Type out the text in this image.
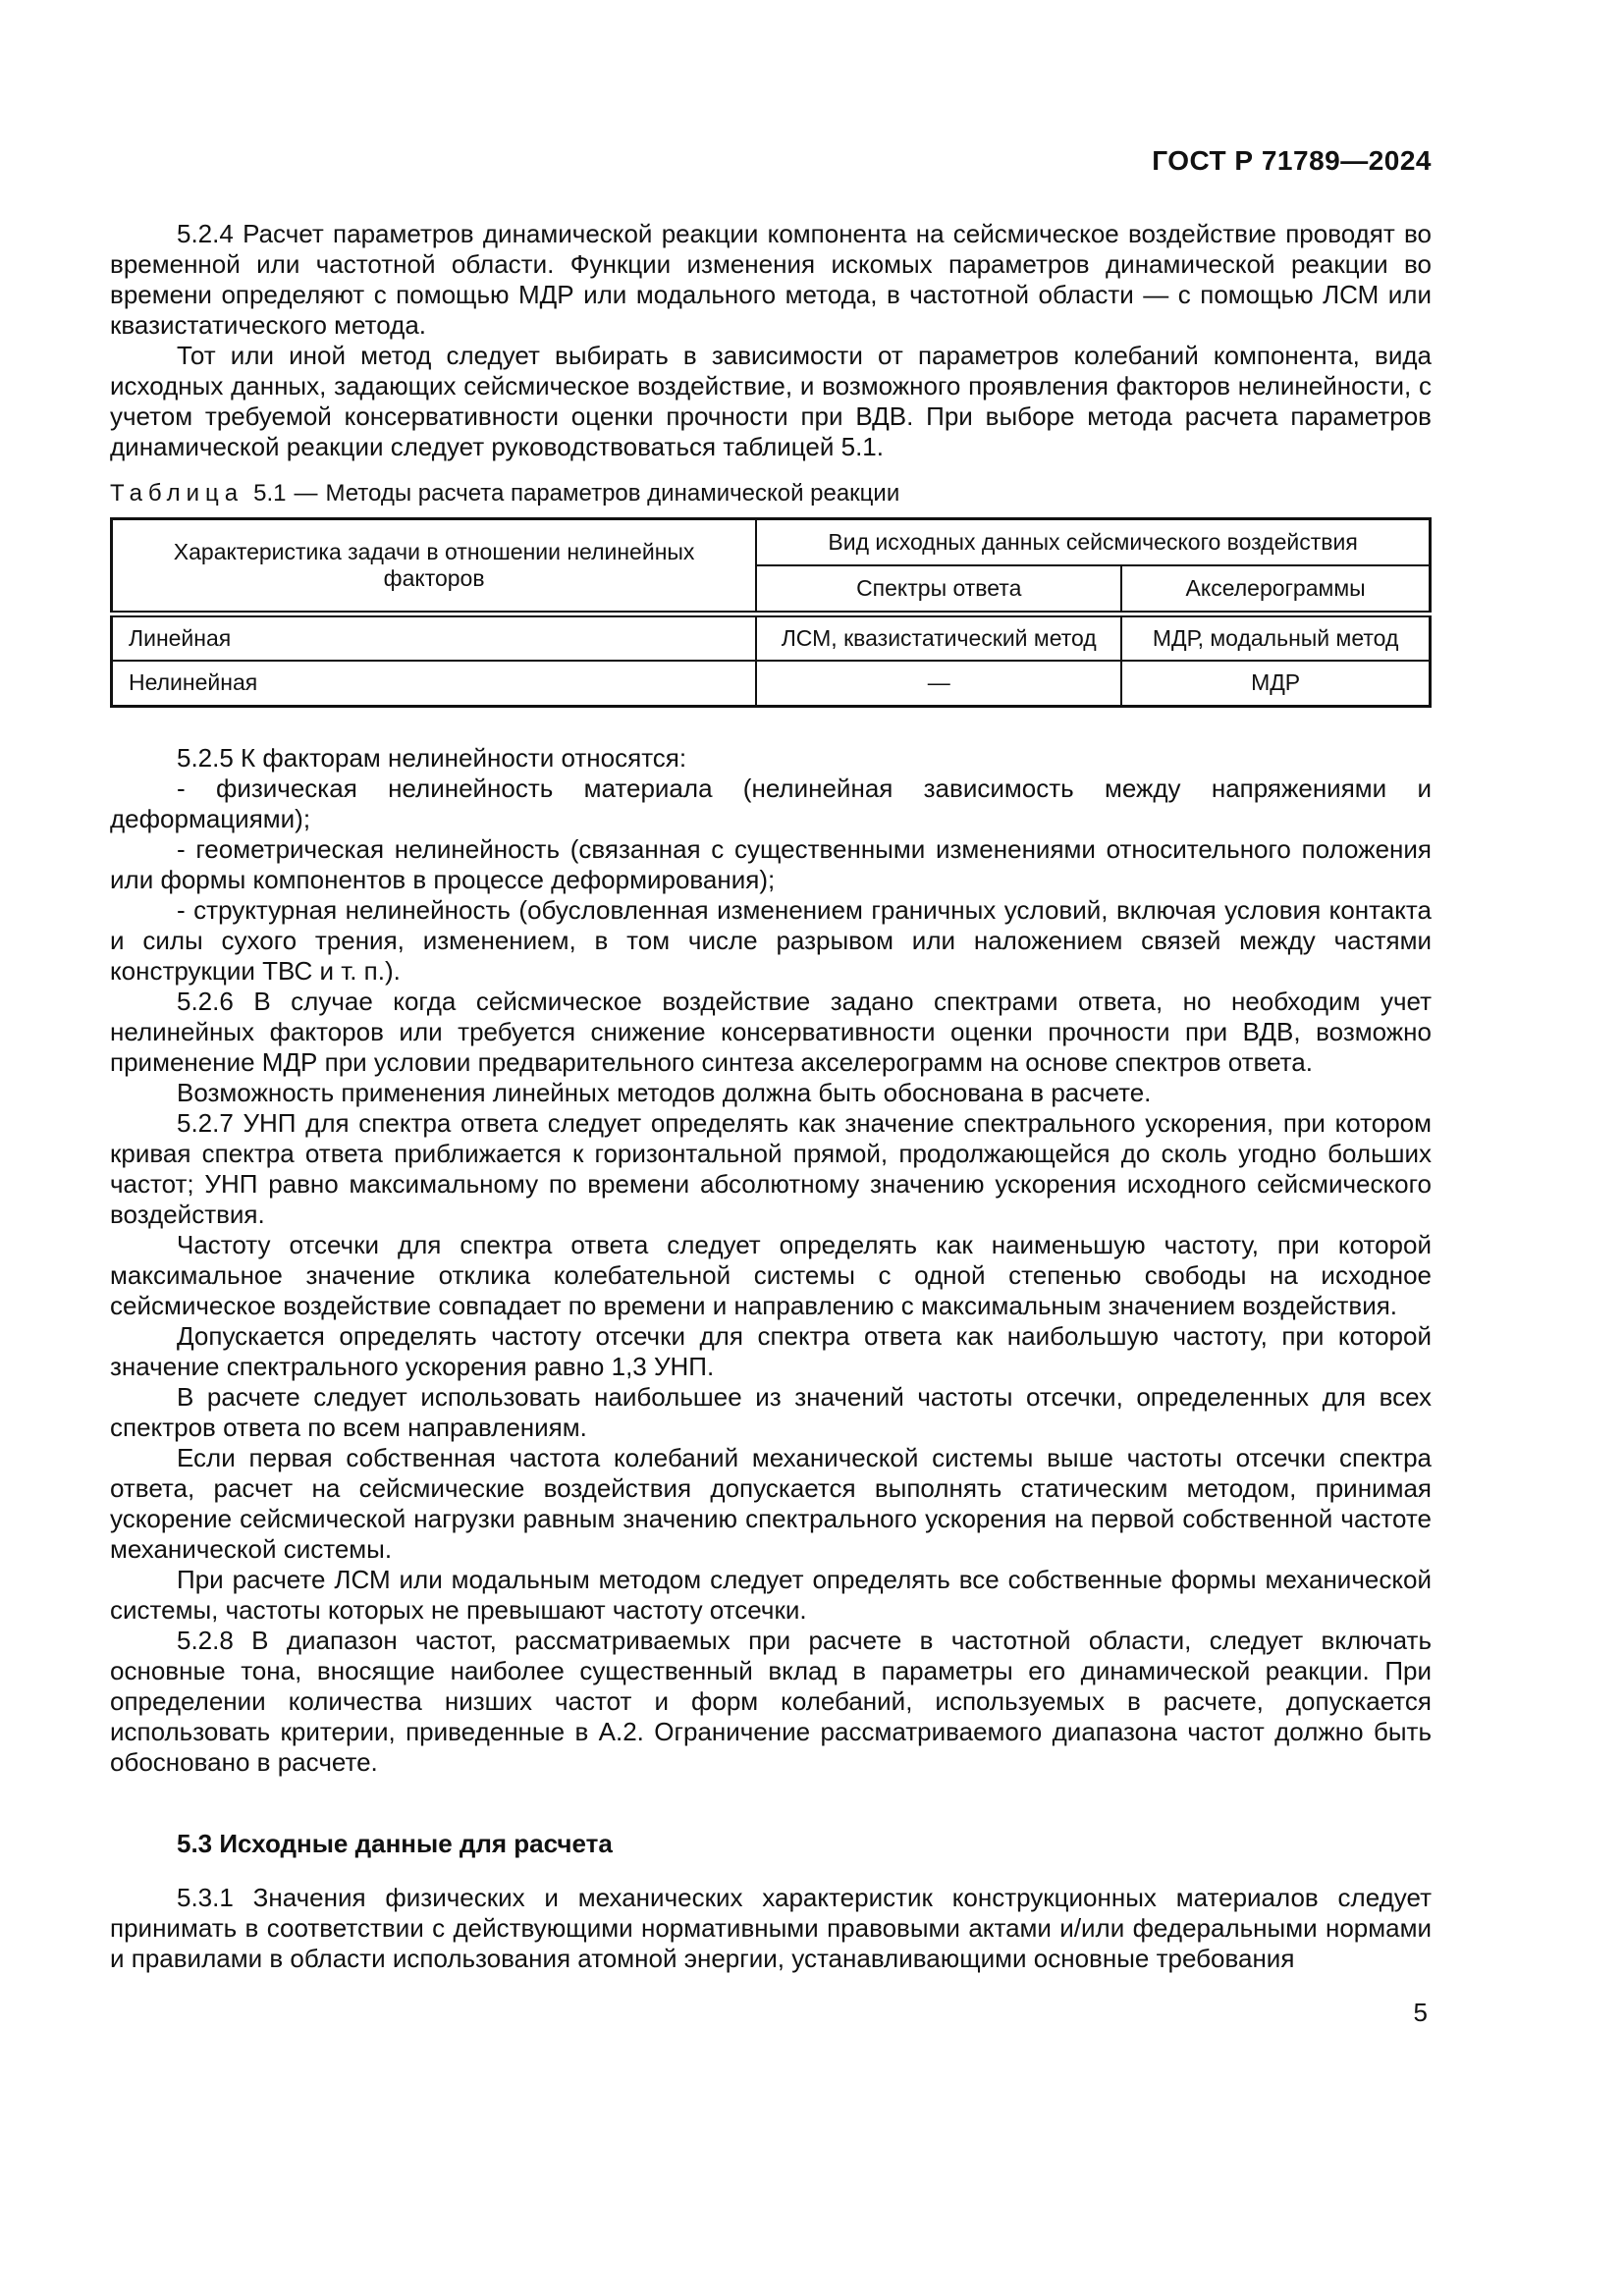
ГОСТ Р 71789—2024

5.2.4 Расчет параметров динамической реакции компонента на сейсмическое воздействие проводят во временной или частотной области. Функции изменения искомых параметров динамической реакции во времени определяют с помощью МДР или модального метода, в частотной области — с помощью ЛСМ или квазистатического метода.

Тот или иной метод следует выбирать в зависимости от параметров колебаний компонента, вида исходных данных, задающих сейсмическое воздействие, и возможного проявления факторов нелинейности, с учетом требуемой консервативности оценки прочности при ВДВ. При выборе метода расчета параметров динамической реакции следует руководствоваться таблицей 5.1.

Таблица 5.1 — Методы расчета параметров динамической реакции
Характеристика задачи в отношении нелинейных факторов	Вид исходных данных сейсмического воздействия	
	Спектры ответа	Акселерограммы
Линейная	ЛСМ, квазистатический метод	МДР, модальный метод
Нелинейная	—	МДР

5.2.5 К факторам нелинейности относятся:

- физическая нелинейность материала (нелинейная зависимость между напряжениями и деформациями);

- геометрическая нелинейность (связанная с существенными изменениями относительного положения или формы компонентов в процессе деформирования);

- структурная нелинейность (обусловленная изменением граничных условий, включая условия контакта и силы сухого трения, изменением, в том числе разрывом или наложением связей между частями конструкции ТВС и т. п.).

5.2.6 В случае когда сейсмическое воздействие задано спектрами ответа, но необходим учет нелинейных факторов или требуется снижение консервативности оценки прочности при ВДВ, возможно применение МДР при условии предварительного синтеза акселерограмм на основе спектров ответа.

Возможность применения линейных методов должна быть обоснована в расчете.

5.2.7 УНП для спектра ответа следует определять как значение спектрального ускорения, при котором кривая спектра ответа приближается к горизонтальной прямой, продолжающейся до сколь угодно больших частот; УНП равно максимальному по времени абсолютному значению ускорения исходного сейсмического воздействия.

Частоту отсечки для спектра ответа следует определять как наименьшую частоту, при которой максимальное значение отклика колебательной системы с одной степенью свободы на исходное сейсмическое воздействие совпадает по времени и направлению с максимальным значением воздействия.

Допускается определять частоту отсечки для спектра ответа как наибольшую частоту, при которой значение спектрального ускорения равно 1,3 УНП.

В расчете следует использовать наибольшее из значений частоты отсечки, определенных для всех спектров ответа по всем направлениям.

Если первая собственная частота колебаний механической системы выше частоты отсечки спектра ответа, расчет на сейсмические воздействия допускается выполнять статическим методом, принимая ускорение сейсмической нагрузки равным значению спектрального ускорения на первой собственной частоте механической системы.

При расчете ЛСМ или модальным методом следует определять все собственные формы механической системы, частоты которых не превышают частоту отсечки.

5.2.8 В диапазон частот, рассматриваемых при расчете в частотной области, следует включать основные тона, вносящие наиболее существенный вклад в параметры его динамической реакции. При определении количества низших частот и форм колебаний, используемых в расчете, допускается использовать критерии, приведенные в А.2. Ограничение рассматриваемого диапазона частот должно быть обосновано в расчете.

5.3 Исходные данные для расчета

5.3.1 Значения физических и механических характеристик конструкционных материалов следует принимать в соответствии с действующими нормативными правовыми актами и/или федеральными нормами и правилами в области использования атомной энергии, устанавливающими основные требования

5
